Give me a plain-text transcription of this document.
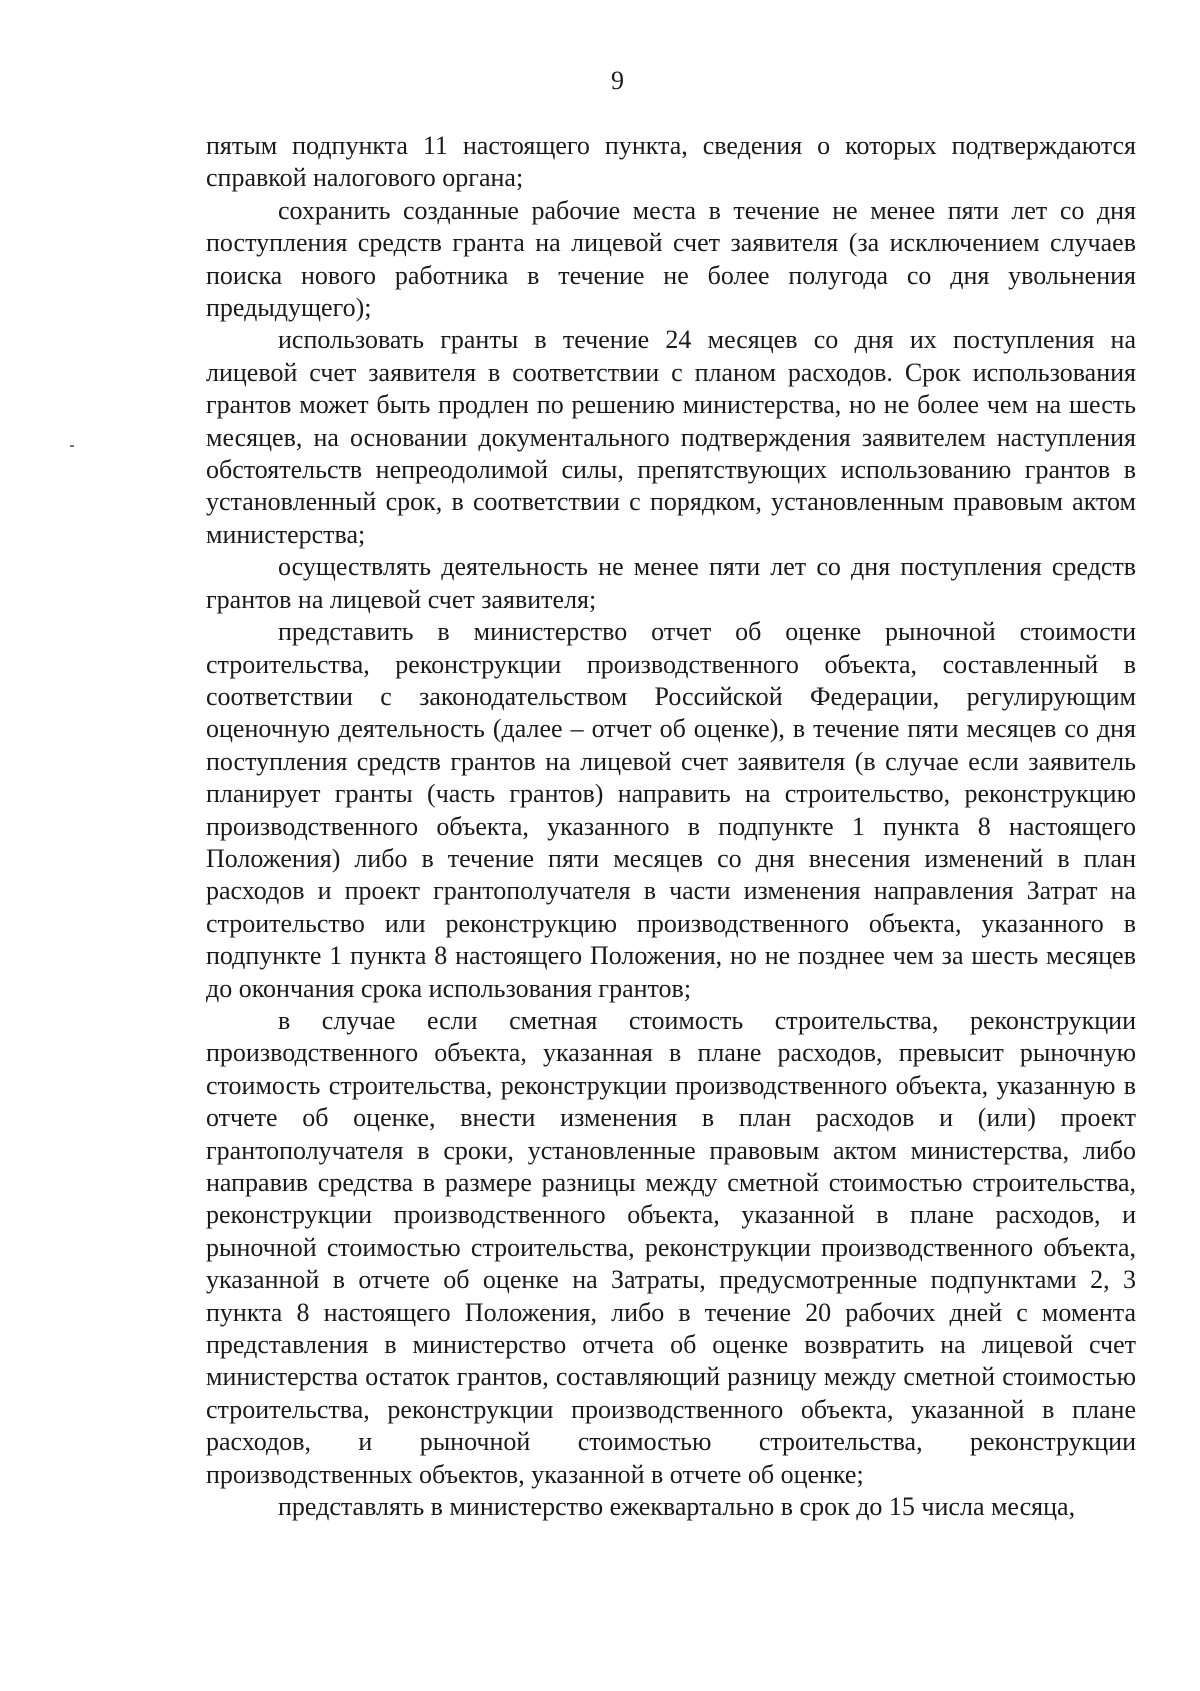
9

пятым подпункта 11 настоящего пункта, сведения о которых подтверждаются справкой налогового органа;

сохранить созданные рабочие места в течение не менее пяти лет со дня поступления средств гранта на лицевой счет заявителя (за исключением случаев поиска нового работника в течение не более полугода со дня увольнения предыдущего);

использовать гранты в течение 24 месяцев со дня их поступления на лицевой счет заявителя в соответствии с планом расходов. Срок использования грантов может быть продлен по решению министерства, но не более чем на шесть месяцев, на основании документального подтверждения заявителем наступления обстоятельств непреодолимой силы, препятствующих использованию грантов в установленный срок, в соответствии с порядком, установленным правовым актом министерства;

осуществлять деятельность не менее пяти лет со дня поступления средств грантов на лицевой счет заявителя;

представить в министерство отчет об оценке рыночной стоимости строительства, реконструкции производственного объекта, составленный в соответствии с законодательством Российской Федерации, регулирующим оценочную деятельность (далее – отчет об оценке), в течение пяти месяцев со дня поступления средств грантов на лицевой счет заявителя (в случае если заявитель планирует гранты (часть грантов) направить на строительство, реконструкцию производственного объекта, указанного в подпункте 1 пункта 8 настоящего Положения) либо в течение пяти месяцев со дня внесения изменений в план расходов и проект грантополучателя в части изменения направления Затрат на строительство или реконструкцию производственного объекта, указанного в подпункте 1 пункта 8 настоящего Положения, но не позднее чем за шесть месяцев до окончания срока использования грантов;

в случае если сметная стоимость строительства, реконструкции производственного объекта, указанная в плане расходов, превысит рыночную стоимость строительства, реконструкции производственного объекта, указанную в отчете об оценке, внести изменения в план расходов и (или) проект грантополучателя в сроки, установленные правовым актом министерства, либо направив средства в размере разницы между сметной стоимостью строительства, реконструкции производственного объекта, указанной в плане расходов, и рыночной стоимостью строительства, реконструкции производственного объекта, указанной в отчете об оценке на Затраты, предусмотренные подпунктами 2, 3 пункта 8 настоящего Положения, либо в течение 20 рабочих дней с момента представления в министерство отчета об оценке возвратить на лицевой счет министерства остаток грантов, составляющий разницу между сметной стоимостью строительства, реконструкции производственного объекта, указанной в плане расходов, и рыночной стоимостью строительства, реконструкции производственных объектов, указанной в отчете об оценке;

представлять в министерство ежеквартально в срок до 15 числа месяца,
